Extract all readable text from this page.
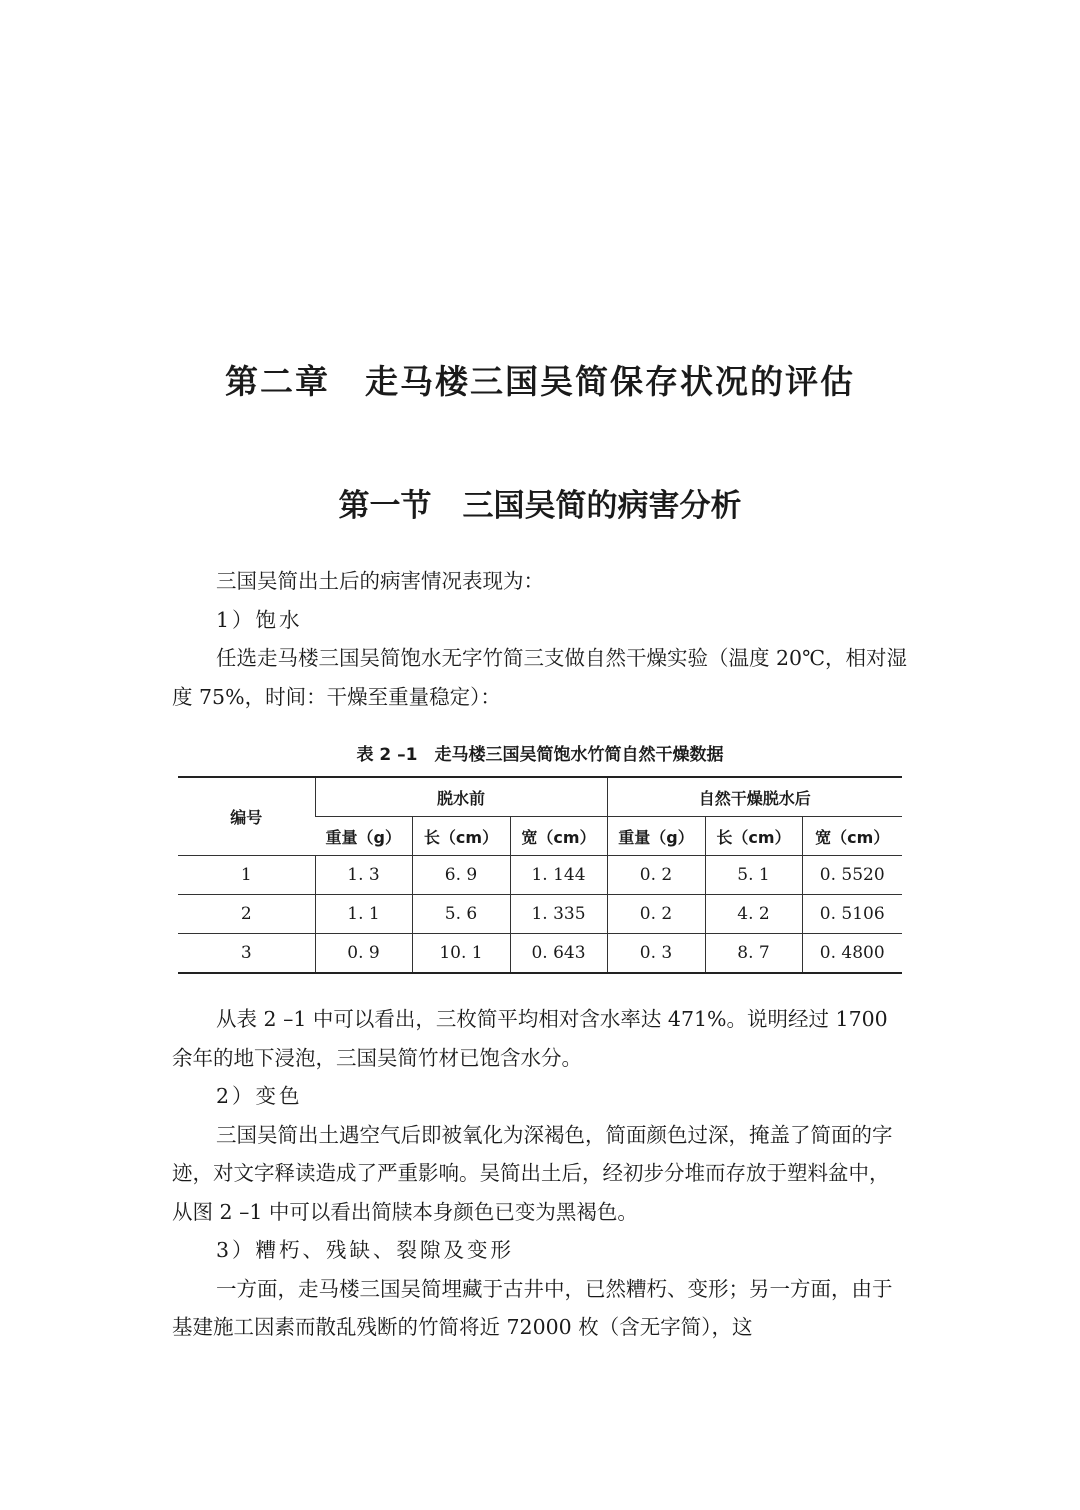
第二章　走马楼三国吴简保存状况的评估
第一节　三国吴简的病害分析

三国吴简出土后的病害情况表现为：

1）饱水

任选走马楼三国吴简饱水无字竹简三支做自然干燥实验（温度 20℃，相对湿度 75%，时间：干燥至重量稳定）：

表 2 –1　走马楼三国吴简饱水竹简自然干燥数据

编号	脱水前			自然干燥脱水后		
	重量（g）	长（cm）	宽（cm）	重量（g）	长（cm）	宽（cm）
1	1. 3	6. 9	1. 144	0. 2	5. 1	0. 5520
2	1. 1	5. 6	1. 335	0. 2	4. 2	0. 5106
3	0. 9	10. 1	0. 643	0. 3	8. 7	0. 4800

从表 2 –1 中可以看出，三枚简平均相对含水率达 471%。说明经过 1700 余年的地下浸泡，三国吴简竹材已饱含水分。

2）变色

三国吴简出土遇空气后即被氧化为深褐色，简面颜色过深，掩盖了简面的字迹，对文字释读造成了严重影响。吴简出土后，经初步分堆而存放于塑料盆中，从图 2 –1 中可以看出简牍本身颜色已变为黑褐色。

3）糟朽、残缺、裂隙及变形

一方面，走马楼三国吴简埋藏于古井中，已然糟朽、变形；另一方面，由于基建施工因素而散乱残断的竹简将近 72000 枚（含无字简），这
